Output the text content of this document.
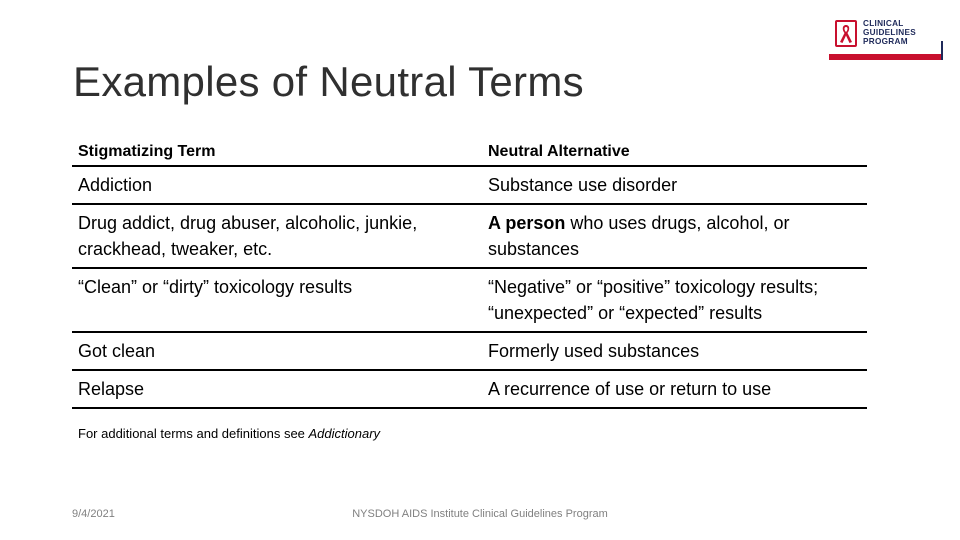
CLINICAL
GUIDELINES
PROGRAM
Examples of Neutral Terms
Stigmatizing Term	Neutral Alternative
Addiction	Substance use disorder
Drug addict, drug abuser, alcoholic, junkie, crackhead, tweaker, etc.	A person who uses drugs, alcohol, or substances
“Clean” or “dirty” toxicology results	“Negative” or “positive” toxicology results; “unexpected” or “expected” results
Got clean	Formerly used substances
Relapse	A recurrence of use or return to use
For additional terms and definitions see Addictionary
9/4/2021	NYSDOH AIDS Institute Clinical Guidelines Program
